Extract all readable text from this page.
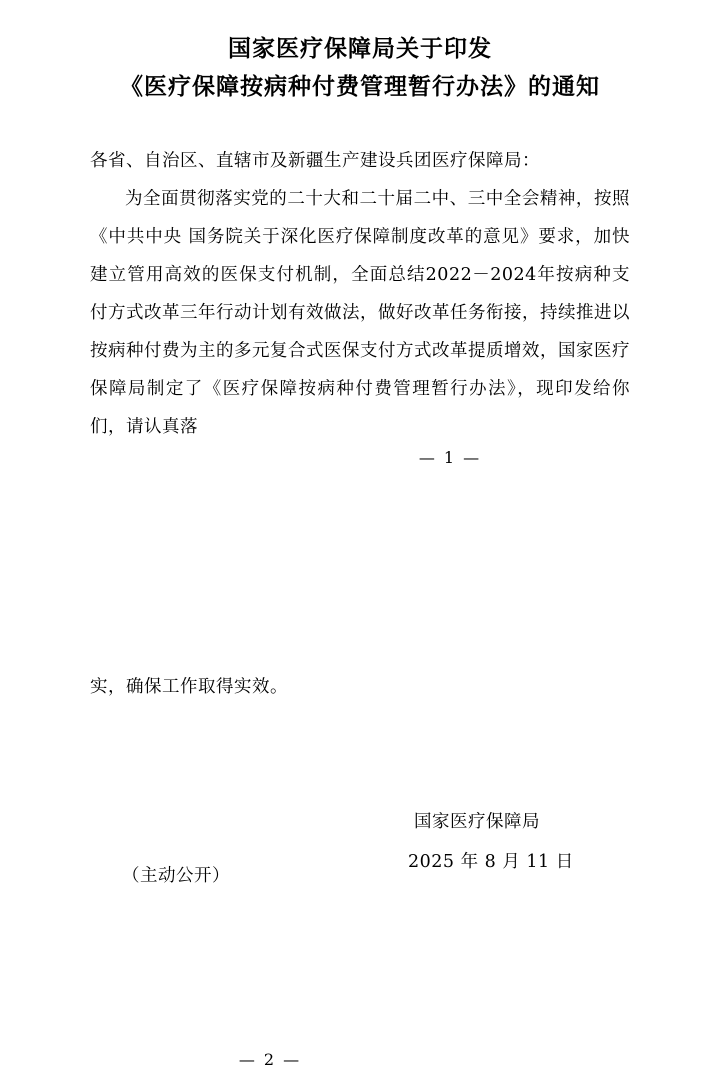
国家医疗保障局关于印发
《医疗保障按病种付费管理暂行办法》的通知

各省、自治区、直辖市及新疆生产建设兵团医疗保障局：

为全面贯彻落实党的二十大和二十届二中、三中全会精神，按照《中共中央 国务院关于深化医疗保障制度改革的意见》要求，加快建立管用高效的医保支付机制，全面总结2022－2024年按病种支付方式改革三年行动计划有效做法，做好改革任务衔接，持续推进以按病种付费为主的多元复合式医保支付方式改革提质增效，国家医疗保障局制定了《医疗保障按病种付费管理暂行办法》，现印发给你们，请认真落

— 1 —
实，确保工作取得实效。
国家医疗保障局
2025 年 8 月 11 日
（主动公开）
— 2 —
